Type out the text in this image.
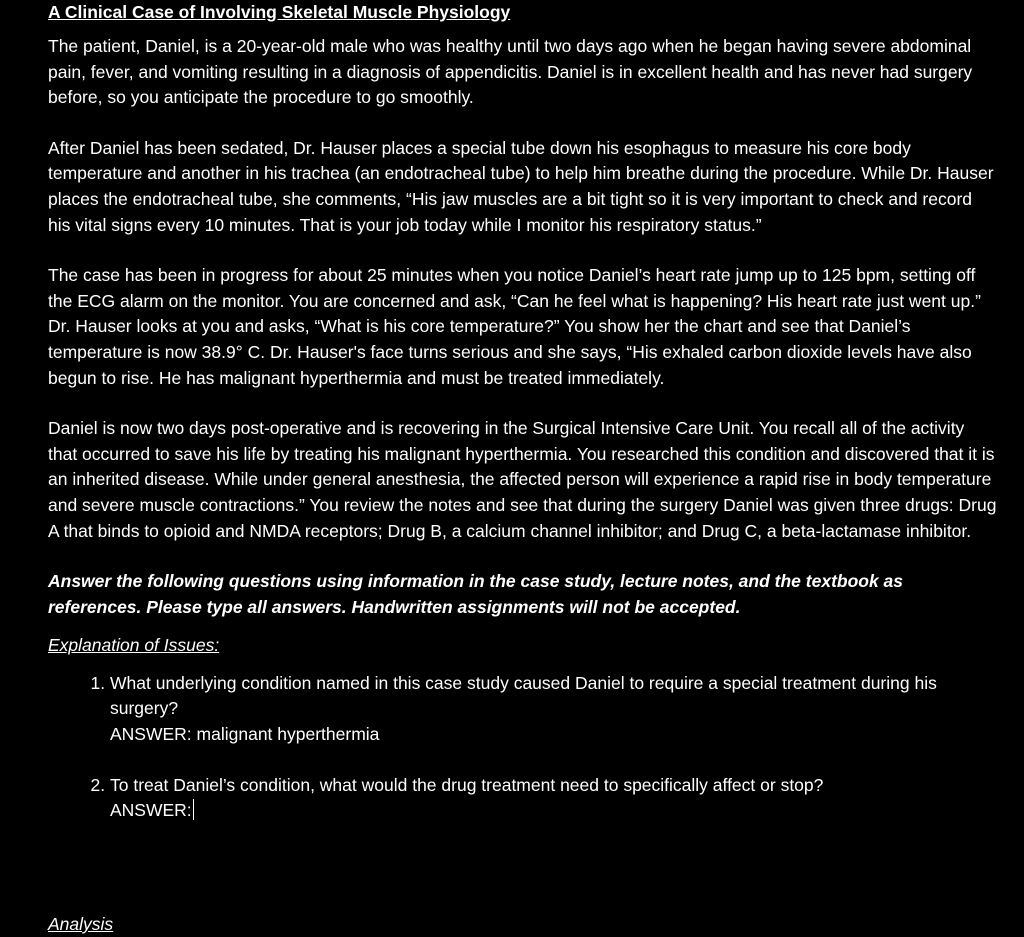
A Clinical Case of Involving Skeletal Muscle Physiology

The patient, Daniel, is a 20-year-old male who was healthy until two days ago when he began having severe abdominal pain, fever, and vomiting resulting in a diagnosis of appendicitis. Daniel is in excellent health and has never had surgery before, so you anticipate the procedure to go smoothly.

After Daniel has been sedated, Dr. Hauser places a special tube down his esophagus to measure his core body temperature and another in his trachea (an endotracheal tube) to help him breathe during the procedure. While Dr. Hauser places the endotracheal tube, she comments, “His jaw muscles are a bit tight so it is very important to check and record his vital signs every 10 minutes. That is your job today while I monitor his respiratory status.”

The case has been in progress for about 25 minutes when you notice Daniel’s heart rate jump up to 125 bpm, setting off the ECG alarm on the monitor. You are concerned and ask, “Can he feel what is happening? His heart rate just went up.” Dr. Hauser looks at you and asks, “What is his core temperature?” You show her the chart and see that Daniel’s temperature is now 38.9° C. Dr. Hauser's face turns serious and she says, “His exhaled carbon dioxide levels have also begun to rise. He has malignant hyperthermia and must be treated immediately.

Daniel is now two days post-operative and is recovering in the Surgical Intensive Care Unit. You recall all of the activity that occurred to save his life by treating his malignant hyperthermia. You researched this condition and discovered that it is an inherited disease. While under general anesthesia, the affected person will experience a rapid rise in body temperature and severe muscle contractions.” You review the notes and see that during the surgery Daniel was given three drugs: Drug A that binds to opioid and NMDA receptors; Drug B, a calcium channel inhibitor; and Drug C, a beta-lactamase inhibitor.

Answer the following questions using information in the case study, lecture notes, and the textbook as references. Please type all answers. Handwritten assignments will not be accepted.

Explanation of Issues:

1. What underlying condition named in this case study caused Daniel to require a special treatment during his surgery?
ANSWER: malignant hyperthermia
2. To treat Daniel’s condition, what would the drug treatment need to specifically affect or stop?
ANSWER:
Analysis
